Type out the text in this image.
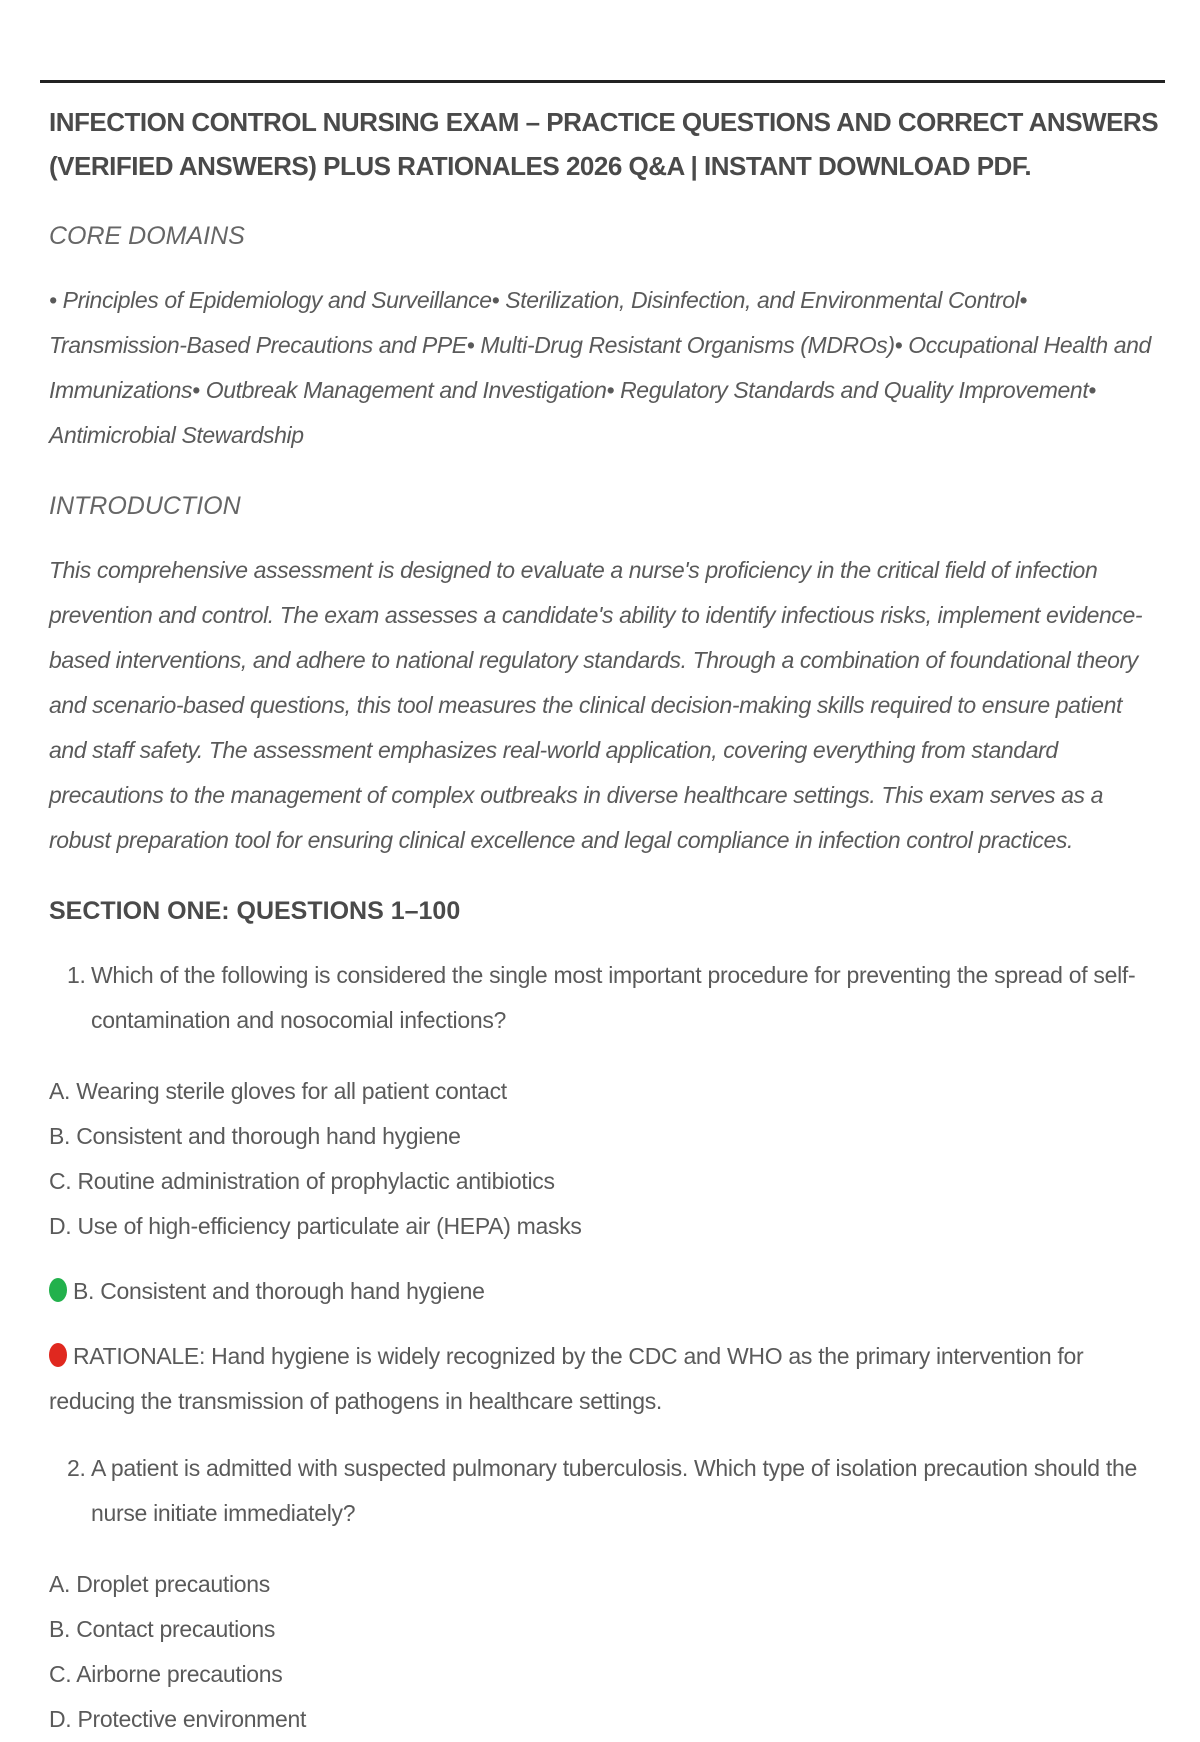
INFECTION CONTROL NURSING EXAM – PRACTICE QUESTIONS AND CORRECT ANSWERS (VERIFIED ANSWERS) PLUS RATIONALES 2026 Q&A | INSTANT DOWNLOAD PDF.

CORE DOMAINS

• Principles of Epidemiology and Surveillance• Sterilization, Disinfection, and Environmental Control• Transmission-Based Precautions and PPE• Multi-Drug Resistant Organisms (MDROs)• Occupational Health and Immunizations• Outbreak Management and Investigation• Regulatory Standards and Quality Improvement• Antimicrobial Stewardship

INTRODUCTION

This comprehensive assessment is designed to evaluate a nurse's proficiency in the critical field of infection prevention and control. The exam assesses a candidate's ability to identify infectious risks, implement evidence-based interventions, and adhere to national regulatory standards. Through a combination of foundational theory and scenario-based questions, this tool measures the clinical decision-making skills required to ensure patient and staff safety. The assessment emphasizes real-world application, covering everything from standard precautions to the management of complex outbreaks in diverse healthcare settings. This exam serves as a robust preparation tool for ensuring clinical excellence and legal compliance in infection control practices.

SECTION ONE: QUESTIONS 1–100

1. Which of the following is considered the single most important procedure for preventing the spread of self-contamination and nosocomial infections?
A. Wearing sterile gloves for all patient contact
B. Consistent and thorough hand hygiene
C. Routine administration of prophylactic antibiotics
D. Use of high-efficiency particulate air (HEPA) masks

B. Consistent and thorough hand hygiene

RATIONALE: Hand hygiene is widely recognized by the CDC and WHO as the primary intervention for reducing the transmission of pathogens in healthcare settings.

2. A patient is admitted with suspected pulmonary tuberculosis. Which type of isolation precaution should the nurse initiate immediately?
A. Droplet precautions
B. Contact precautions
C. Airborne precautions
D. Protective environment
